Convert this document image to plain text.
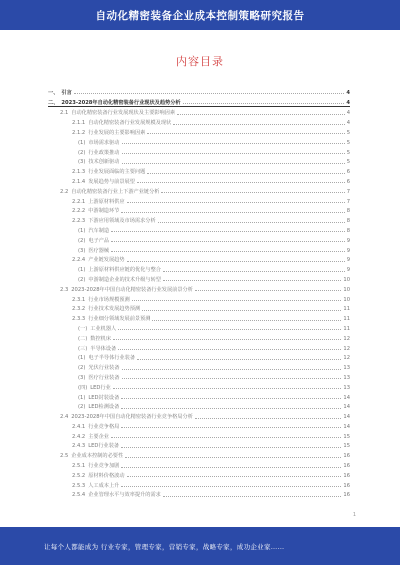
自动化精密装备企业成本控制策略研究报告
内容目录
一、 引言	4
二、 2023-2028年自动化精密装备行业现状及趋势分析	4
2.1 自动化精密装备行业发展现状及主要影响因素	4
2.1.1 自动化精密装备行业发展规模及现状	4
2.1.2 行业发展的主要影响因素	5
(1) 市场需求驱动	5
(2) 行业政策推动	5
(3) 技术创新驱动	5
2.1.3 行业发展面临的主要问题	6
2.1.4 发展趋势与前景展望	6
2.2 自动化精密装备行业上下游产业链分析	7
2.2.1 上游原材料供应	7
2.2.2 中游制造环节	8
2.2.3 下游应用领域及市场需求分析	8
(1) 汽车制造	8
(2) 电子产品	9
(3) 医疗器械	9
2.2.4 产业链发展趋势	9
(1) 上游原材料供应链的优化与整合	9
(2) 中游制造企业的技术升级与转型	10
2.3 2023-2028年中国自动化精密装备行业发展前景分析	10
2.3.1 行业市场规模预测	10
2.3.2 行业技术发展趋势预测	11
2.3.3 行业细分领域发展前景预测	11
(一) 工业机器人	11
(二) 数控机床	12
(三) 半导体设备	12
(1) 电子半导体行业装备	12
(2) 光伏行业装备	13
(3) 医疗行业装备	13
(四) LED行业	13
(1) LED封装设备	14
(2) LED检测设备	14
2.4 2023-2028年中国自动化精密装备行业竞争格局分析	14
2.4.1 行业竞争格局	14
2.4.2 主要企业	15
2.4.3 LED行业装备	15
2.5 企业成本控制的必要性	16
2.5.1 行业竞争加剧	16
2.5.2 原材料价格波动	16
2.5.3 人工成本上升	16
2.5.4 企业管理水平与效率提升的需求	16
1
让每个人都能成为 行业专家，管理专家，营销专家，战略专家，成功企业家……
